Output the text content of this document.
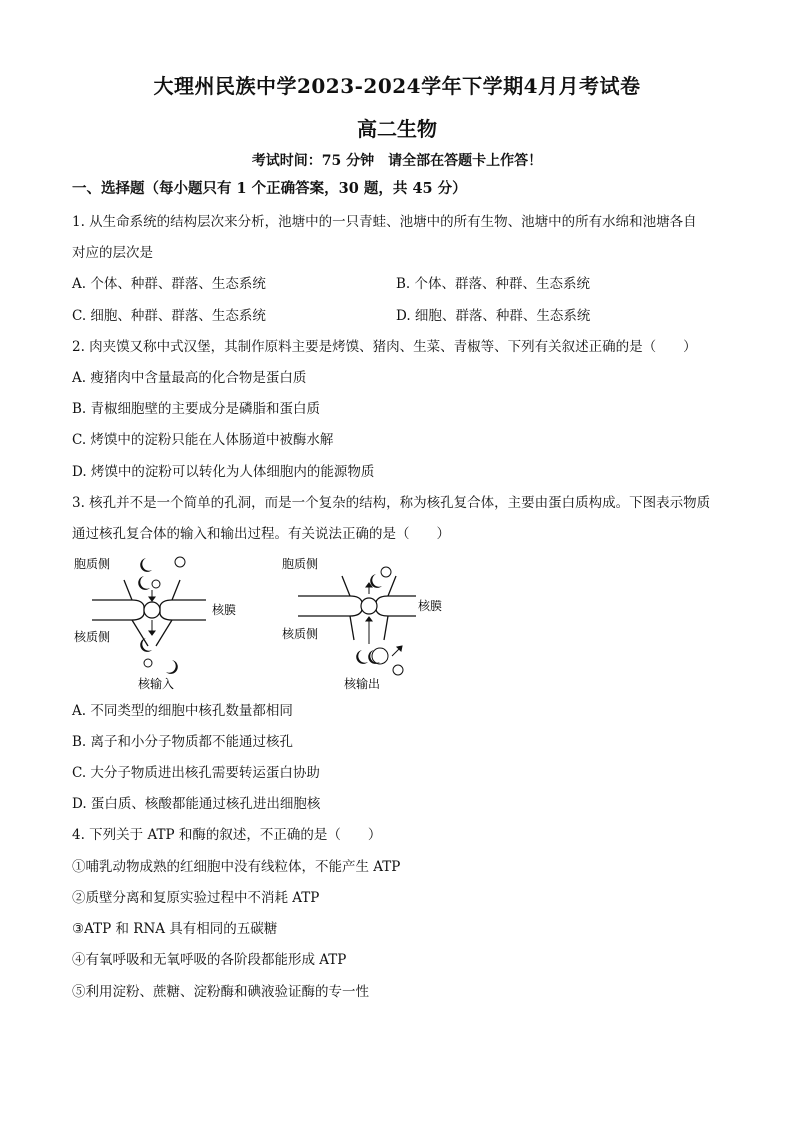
大理州民族中学2023-2024学年下学期4月月考试卷
高二生物
考试时间：75 分钟　请全部在答题卡上作答！
一、选择题（每小题只有 1 个正确答案，30 题，共 45 分）
1. 从生命系统的结构层次来分析，池塘中的一只青蛙、池塘中的所有生物、池塘中的所有水绵和池塘各自
对应的层次是
A. 个体、种群、群落、生态系统	B. 个体、群落、种群、生态系统
C. 细胞、种群、群落、生态系统	D. 细胞、群落、种群、生态系统
2. 肉夹馍又称中式汉堡，其制作原料主要是烤馍、猪肉、生菜、青椒等、下列有关叙述正确的是（　　）
A. 瘦猪肉中含量最高的化合物是蛋白质
B. 青椒细胞壁的主要成分是磷脂和蛋白质
C. 烤馍中的淀粉只能在人体肠道中被酶水解
D. 烤馍中的淀粉可以转化为人体细胞内的能源物质
3. 核孔并不是一个简单的孔洞，而是一个复杂的结构，称为核孔复合体，主要由蛋白质构成。下图表示物质
通过核孔复合体的输入和输出过程。有关说法正确的是（　　）
胞质侧
核膜
核质侧
核输入
胞质侧
核膜
核质侧
核输出
A. 不同类型的细胞中核孔数量都相同
B. 离子和小分子物质都不能通过核孔
C. 大分子物质进出核孔需要转运蛋白协助
D. 蛋白质、核酸都能通过核孔进出细胞核
4. 下列关于 ATP 和酶的叙述，不正确的是（　　）
①哺乳动物成熟的红细胞中没有线粒体，不能产生 ATP
②质壁分离和复原实验过程中不消耗 ATP
③ATP 和 RNA 具有相同的五碳糖
④有氧呼吸和无氧呼吸的各阶段都能形成 ATP
⑤利用淀粉、蔗糖、淀粉酶和碘液验证酶的专一性
